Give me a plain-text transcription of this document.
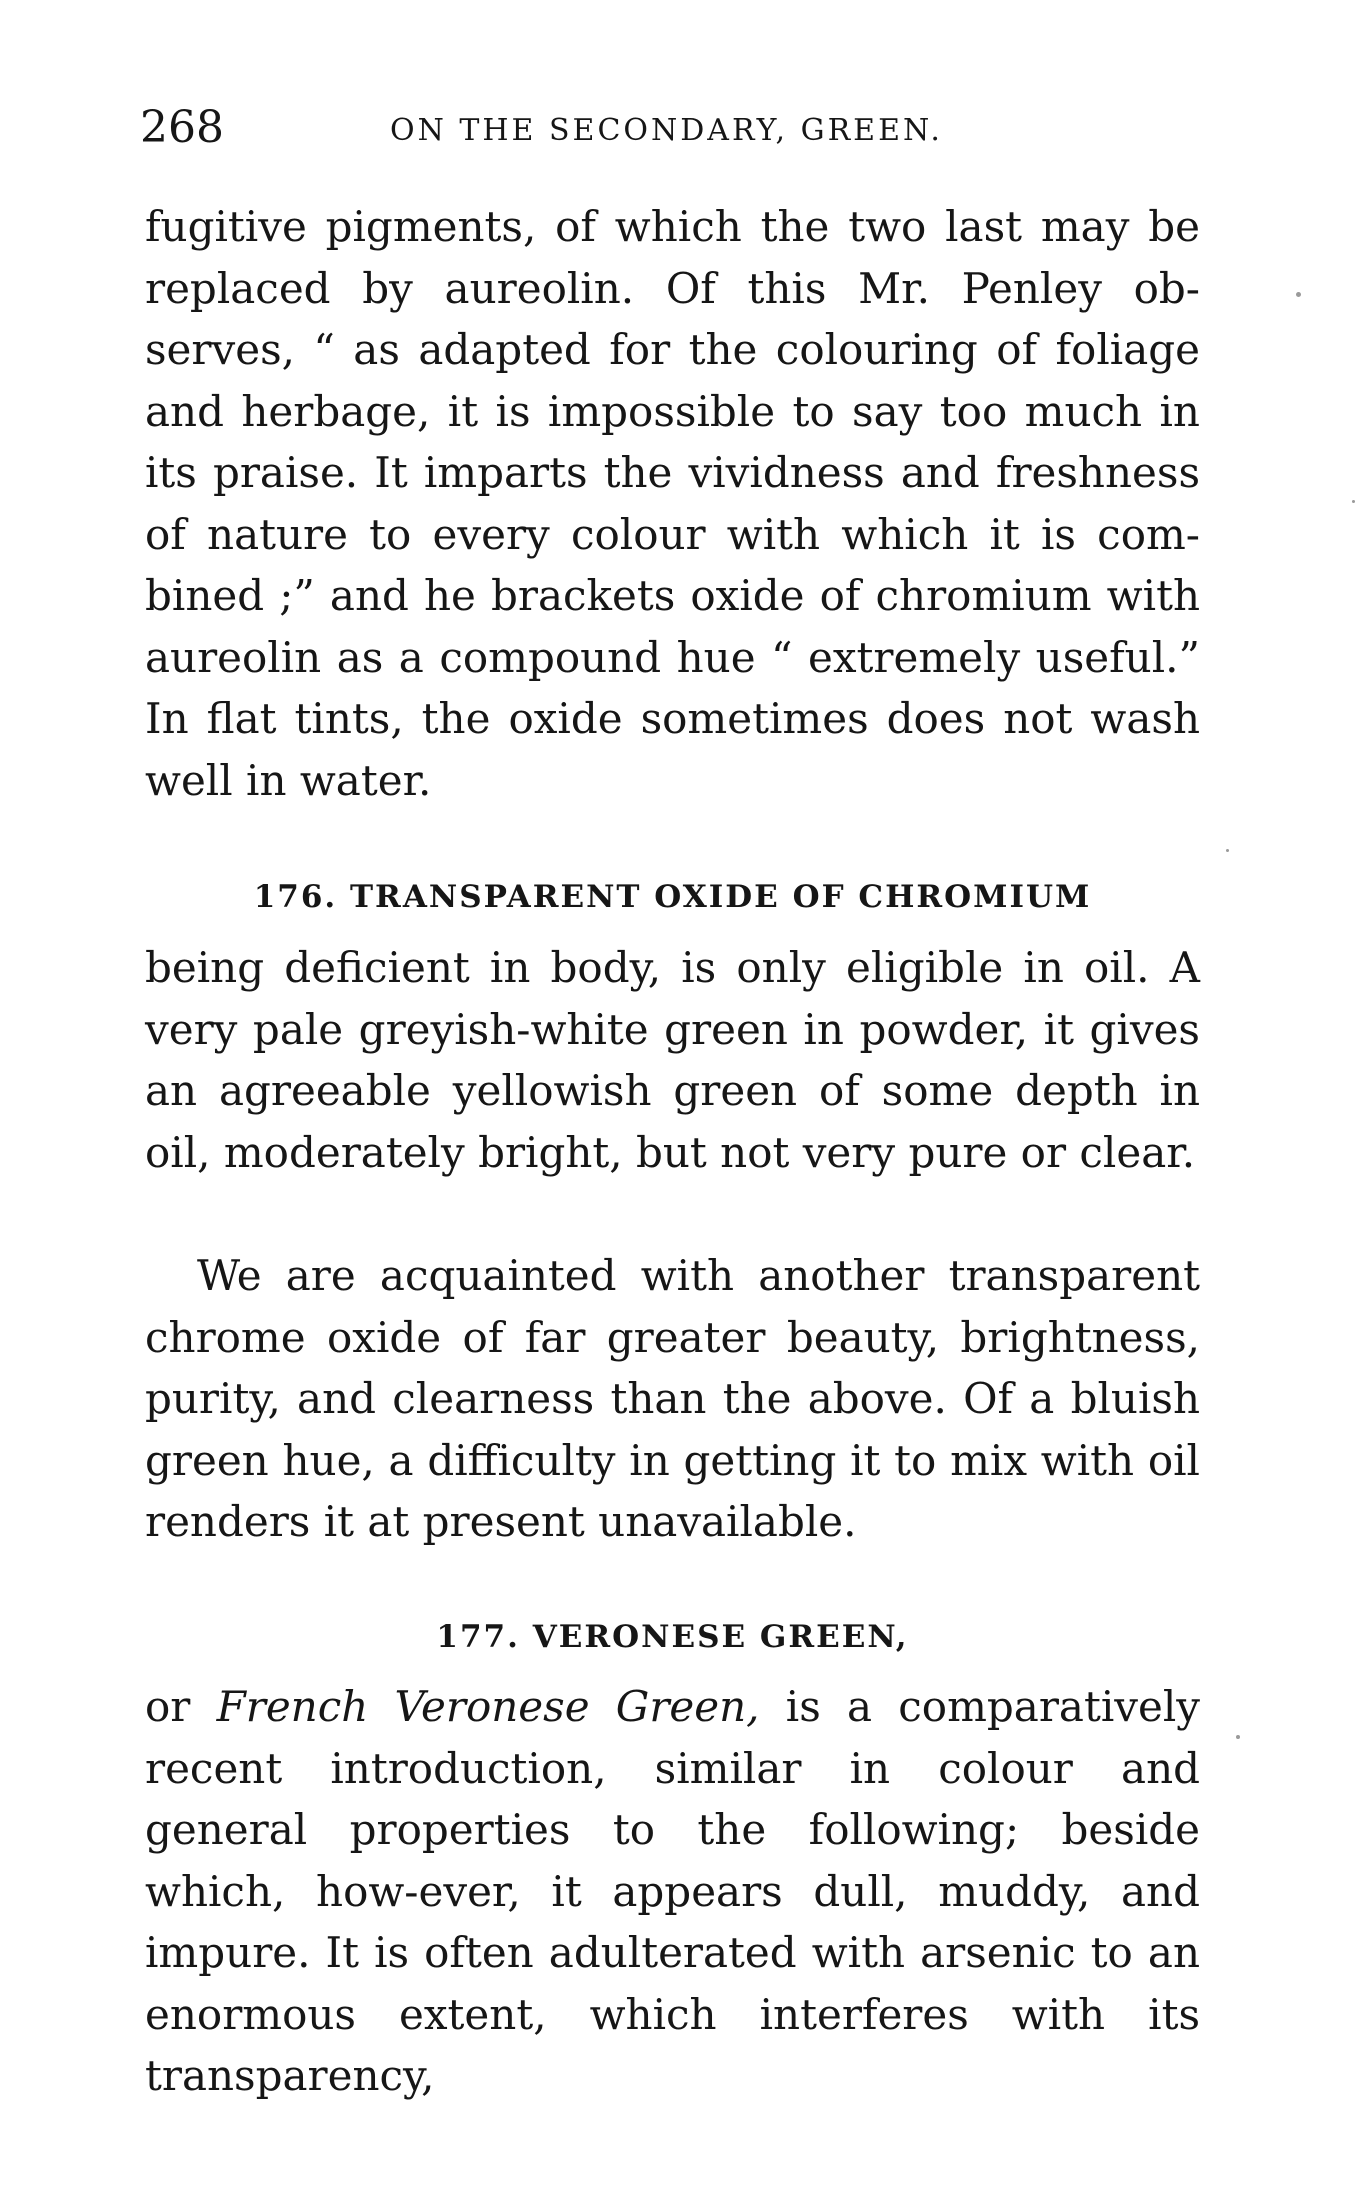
268	ON THE SECONDARY, GREEN.

fugitive pigments, of which the two last may be replaced by aureolin. Of this Mr. Penley ob-serves, “ as adapted for the colouring of foliage and herbage, it is impossible to say too much in its praise. It imparts the vividness and freshness of nature to every colour with which it is com-bined ;” and he brackets oxide of chromium with aureolin as a compound hue “ extremely useful.” In flat tints, the oxide sometimes does not wash well in water.

176. TRANSPARENT OXIDE OF CHROMIUM

being deficient in body, is only eligible in oil. A very pale greyish-white green in powder, it gives an agreeable yellowish green of some depth in oil, moderately bright, but not very pure or clear.

We are acquainted with another transparent chrome oxide of far greater beauty, brightness, purity, and clearness than the above. Of a bluish green hue, a difficulty in getting it to mix with oil renders it at present unavailable.

177. VERONESE GREEN,

or French Veronese Green, is a comparatively recent introduction, similar in colour and general properties to the following; beside which, how-ever, it appears dull, muddy, and impure. It is often adulterated with arsenic to an enormous extent, which interferes with its transparency,
